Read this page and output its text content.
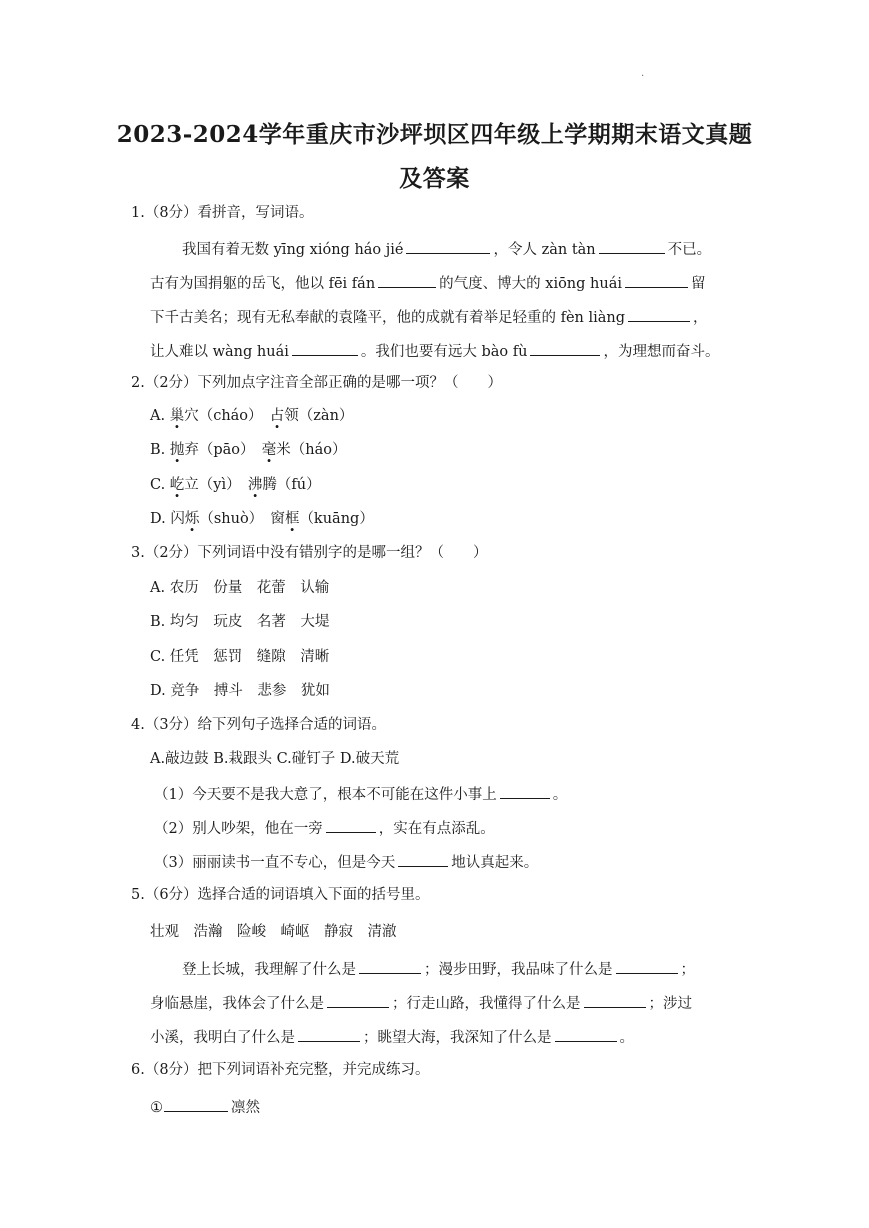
.
2023-2024学年重庆市沙坪坝区四年级上学期期末语文真题
及答案
1.（8分）看拼音，写词语。
我国有着无数 yīng xióng háo jié	，令人 zàn tàn	不已。
古有为国捐躯的岳飞，他以 fēi fán	的气度、博大的 xiōng huái	留
下千古美名；现有无私奉献的袁隆平，他的成就有着举足轻重的 fèn liàng	，
让人难以 wàng huái	。我们也要有远大 bào fù	，为理想而奋斗。
2.（2分）下列加点字注音全部正确的是哪一项？（　　）
A. 巢穴（cháo）　占领（zàn）
B. 抛弃（pāo）　毫米（háo）
C. 屹立（yì）　沸腾（fú）
D. 闪烁（shuò）　窗框（kuāng）
3.（2分）下列词语中没有错别字的是哪一组？（　　）
A. 农历　份量　花蕾　认输
B. 均匀　玩皮　名著　大堤
C. 任凭　惩罚　缝隙　清晰
D. 竞争　搏斗　悲参　犹如
4.（3分）给下列句子选择合适的词语。
A.敲边鼓 B.栽跟头 C.碰钉子 D.破天荒
（1）今天要不是我大意了，根本不可能在这件小事上	。
（2）别人吵架，他在一旁	，实在有点添乱。
（3）丽丽读书一直不专心，但是今天	地认真起来。
5.（6分）选择合适的词语填入下面的括号里。
壮观　浩瀚　险峻　崎岖　静寂　清澈
登上长城，我理解了什么是	；漫步田野，我品味了什么是	；
身临悬崖，我体会了什么是	；行走山路，我懂得了什么是	；涉过
小溪，我明白了什么是	；眺望大海，我深知了什么是	。
6.（8分）把下列词语补充完整，并完成练习。
①	凛然
